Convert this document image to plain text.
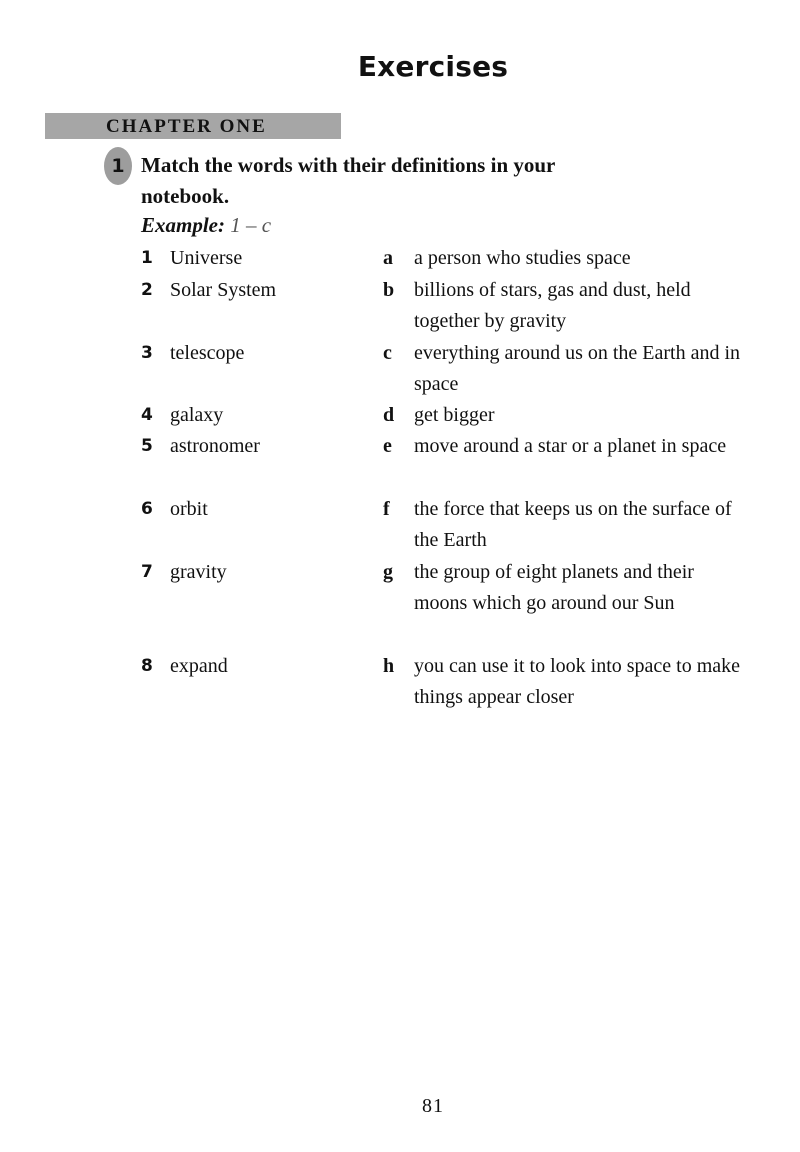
Exercises
CHAPTER ONE
1 Match the words with their definitions in your notebook.
Example: 1 – c
1 Universe	a a person who studies space
2 Solar System	b billions of stars, gas and dust, held together by gravity
3 telescope	c everything around us on the Earth and in space
4 galaxy	d get bigger
5 astronomer	e move around a star or a planet in space
6 orbit	f the force that keeps us on the surface of the Earth
7 gravity	g the group of eight planets and their moons which go around our Sun
8 expand	h you can use it to look into space to make things appear closer
81
